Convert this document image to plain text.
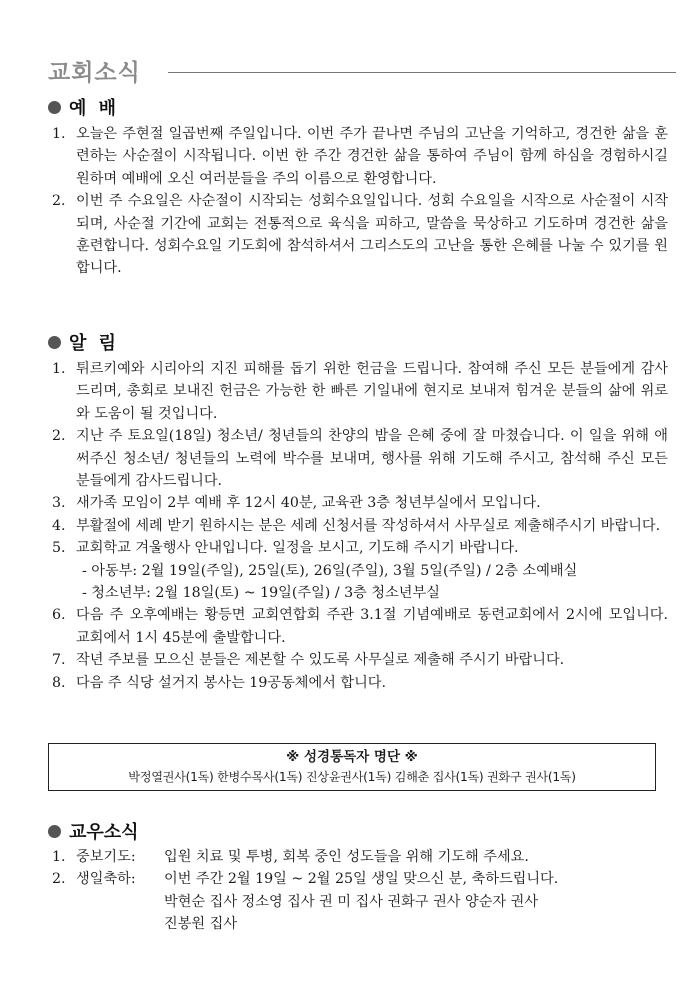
교회소식
예 배
1. 오늘은 주현절 일곱번째 주일입니다. 이번 주가 끝나면 주님의 고난을 기억하고, 경건한 삶을 훈련하는 사순절이 시작됩니다. 이번 한 주간 경건한 삶을 통하여 주님이 함께 하심을 경험하시길 원하며 예배에 오신 여러분들을 주의 이름으로 환영합니다.
2. 이번 주 수요일은 사순절이 시작되는 성회수요일입니다. 성회 수요일을 시작으로 사순절이 시작되며, 사순절 기간에 교회는 전통적으로 육식을 피하고, 말씀을 묵상하고 기도하며 경건한 삶을 훈련합니다. 성회수요일 기도회에 참석하셔서 그리스도의 고난을 통한 은혜를 나눌 수 있기를 원합니다.
알 림
1. 튀르키예와 시리아의 지진 피해를 돕기 위한 헌금을 드립니다. 참여해 주신 모든 분들에게 감사드리며, 총회로 보내진 헌금은 가능한 한 빠른 기일내에 현지로 보내져 힘겨운 분들의 삶에 위로와 도움이 될 것입니다.
2. 지난 주 토요일(18일) 청소년/ 청년들의 찬양의 밤을 은혜 중에 잘 마쳤습니다. 이 일을 위해 애써주신 청소년/ 청년들의 노력에 박수를 보내며, 행사를 위해 기도해 주시고, 참석해 주신 모든 분들에게 감사드립니다.
3. 새가족 모임이 2부 예배 후 12시 40분, 교육관 3층 청년부실에서 모입니다.
4. 부활절에 세례 받기 원하시는 분은 세례 신청서를 작성하셔서 사무실로 제출해주시기 바랍니다.
5. 교회학교 겨울행사 안내입니다. 일정을 보시고, 기도해 주시기 바랍니다.
- 아동부: 2월 19일(주일), 25일(토), 26일(주일), 3월 5일(주일) / 2층 소예배실
- 청소년부: 2월 18일(토) ~ 19일(주일) / 3층 청소년부실
6. 다음 주 오후예배는 황등면 교회연합회 주관 3.1절 기념예배로 동련교회에서 2시에 모입니다. 교회에서 1시 45분에 출발합니다.
7. 작년 주보를 모으신 분들은 제본할 수 있도록 사무실로 제출해 주시기 바랍니다.
8. 다음 주 식당 설거지 봉사는 19공동체에서 합니다.
※ 성경통독자 명단 ※
박정열권사(1독) 한병수목사(1독) 진상윤권사(1독) 김해춘 집사(1독) 권화구 권사(1독)
교우소식
1. 중보기도: 입원 치료 및 투병, 회복 중인 성도들을 위해 기도해 주세요.
2. 생일축하: 이번 주간 2월 19일 ~ 2월 25일 생일 맞으신 분, 축하드립니다.
박현순 집사 정소영 집사 권 미 집사 권화구 권사 양순자 권사
진봉원 집사
